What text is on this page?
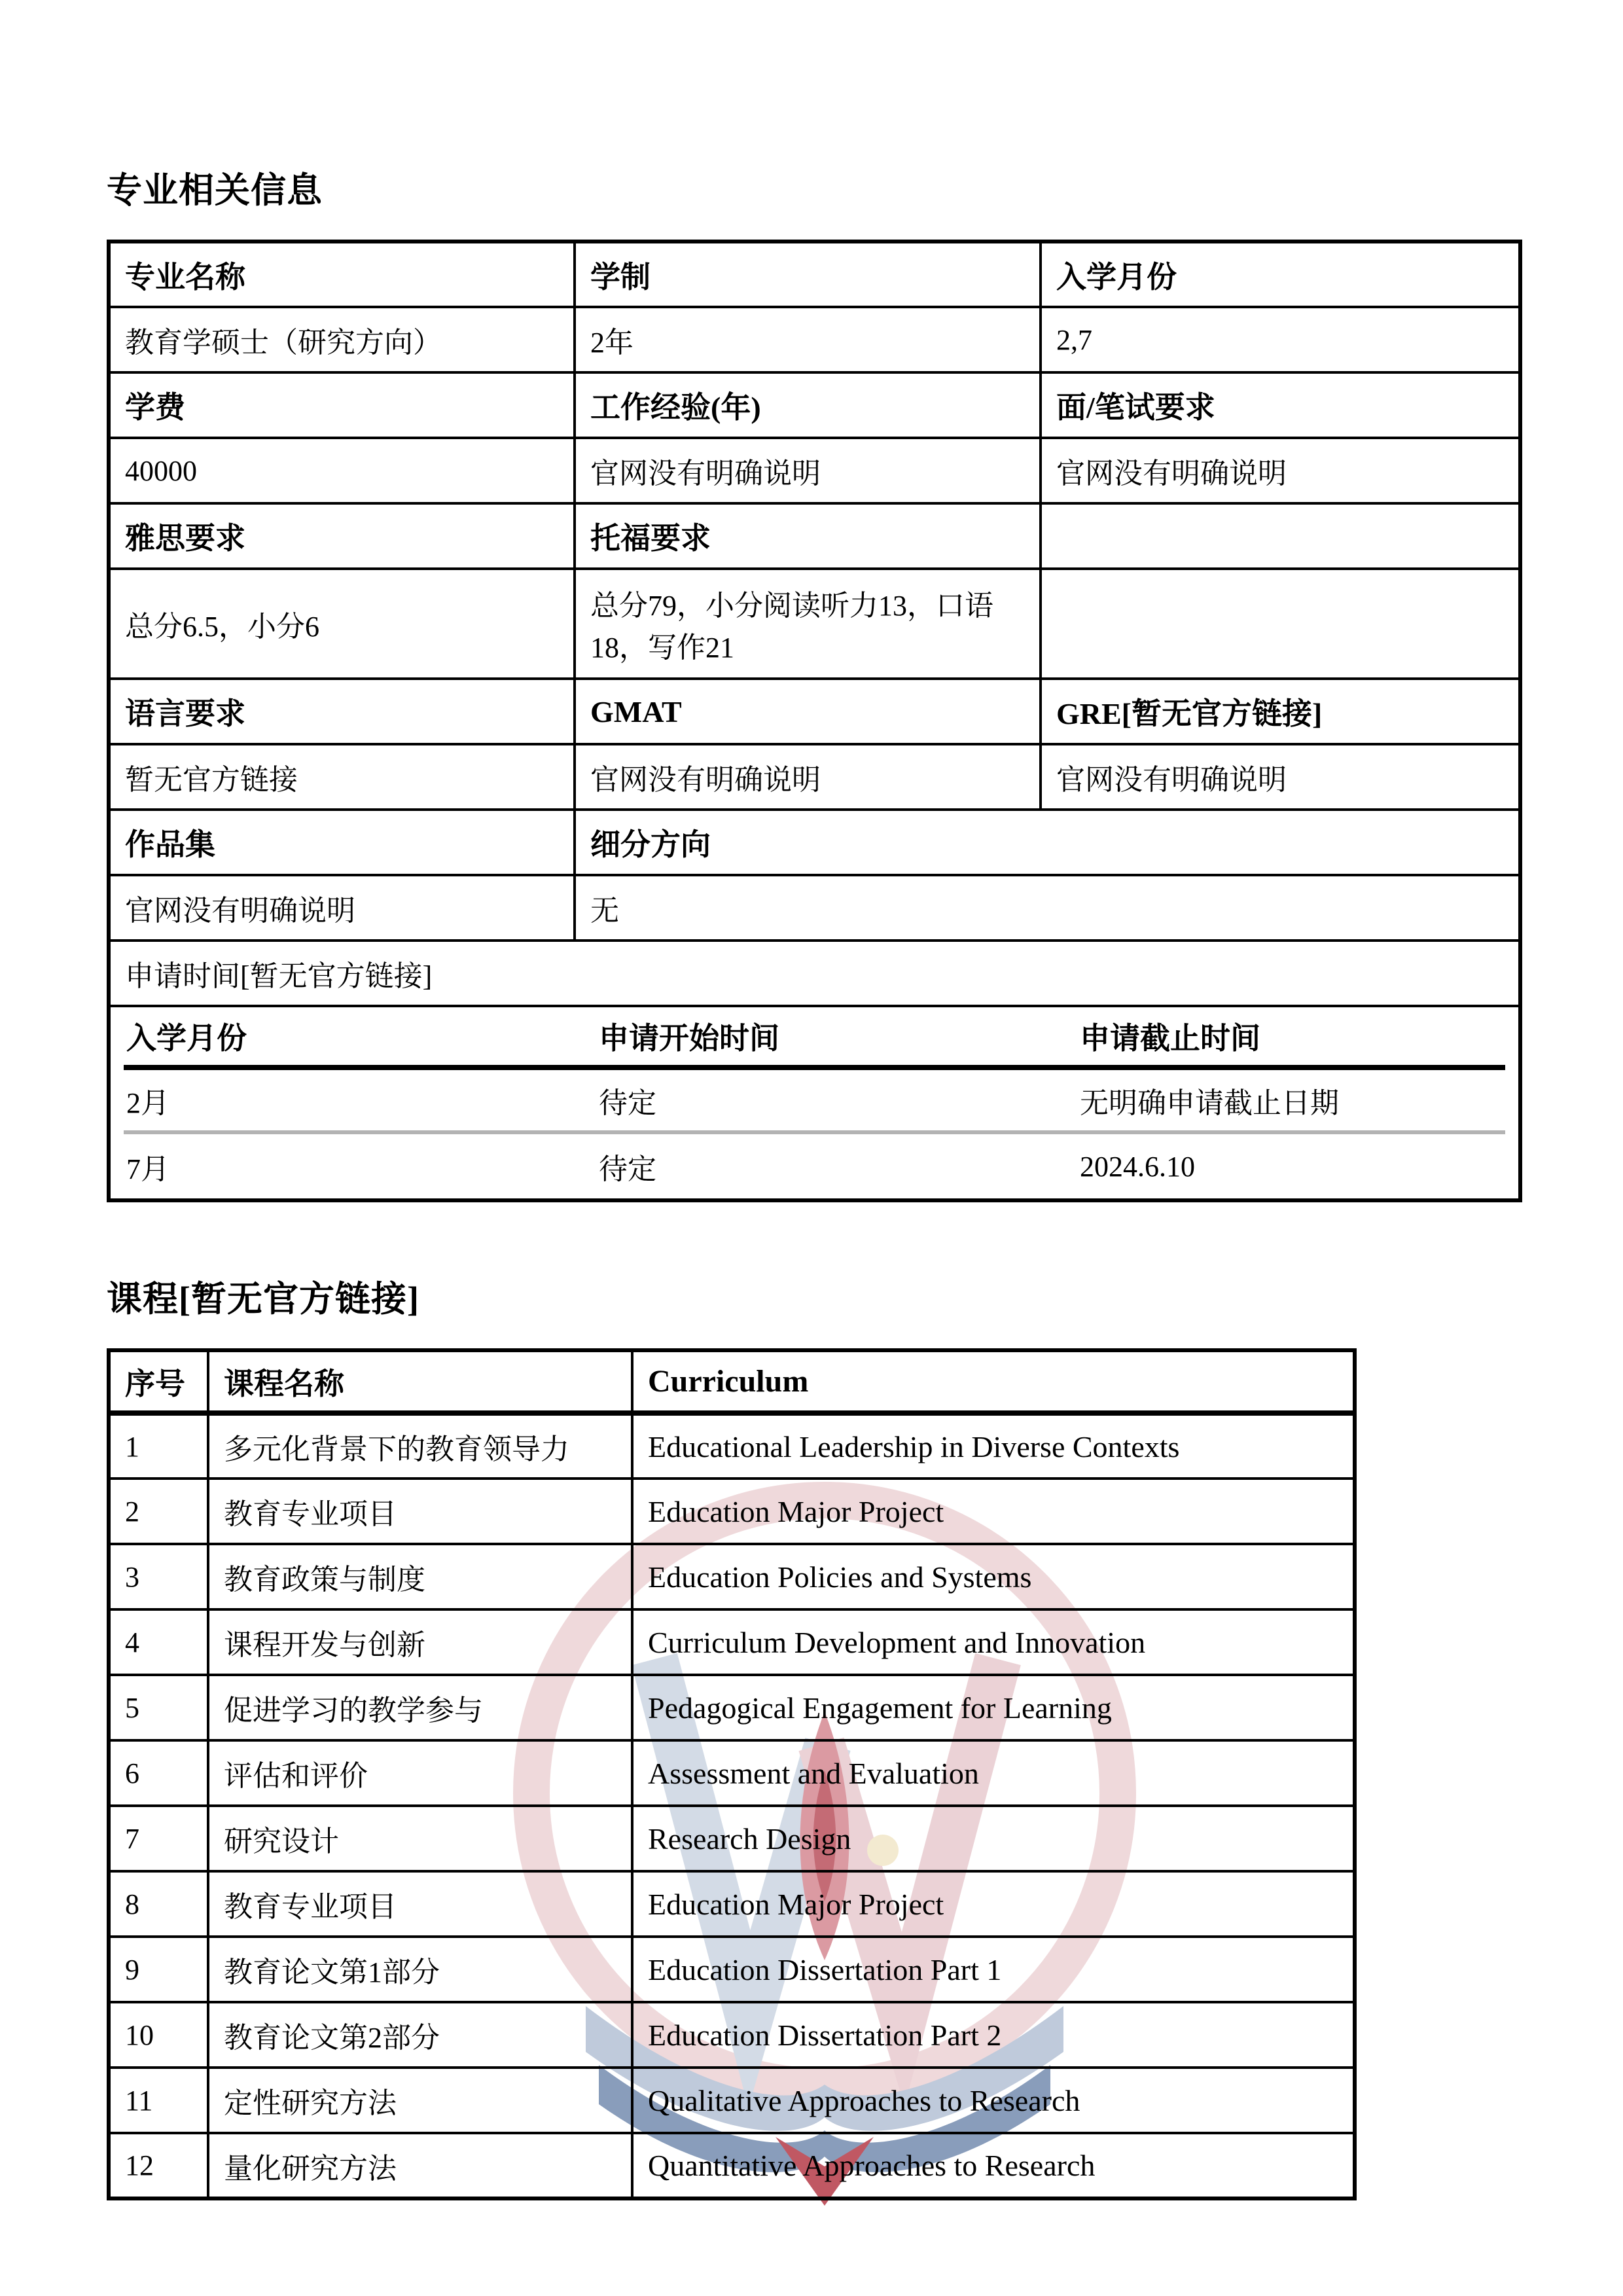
专业相关信息
专业名称	学制	入学月份
教育学硕士（研究方向）	2年	2,7
学费	工作经验(年)	面/笔试要求
40000	官网没有明确说明	官网没有明确说明
雅思要求	托福要求	
总分6.5，小分6	总分79，小分阅读听力13，口语18，写作21	
语言要求	GMAT	GRE[暂无官方链接]
暂无官方链接	官网没有明确说明	官网没有明确说明
作品集	细分方向	
官网没有明确说明	无	
申请时间[暂无官方链接]		

入学月份	申请开始时间	申请截止时间
2月	待定	无明确申请截止日期
7月	待定	2024.6.10
课程[暂无官方链接]
序号	课程名称	Curriculum
1	多元化背景下的教育领导力	Educational Leadership in Diverse Contexts
2	教育专业项目	Education Major Project
3	教育政策与制度	Education Policies and Systems
4	课程开发与创新	Curriculum Development and Innovation
5	促进学习的教学参与	Pedagogical Engagement for Learning
6	评估和评价	Assessment and Evaluation
7	研究设计	Research Design
8	教育专业项目	Education Major Project
9	教育论文第1部分	Education Dissertation Part 1
10	教育论文第2部分	Education Dissertation Part 2
11	定性研究方法	Qualitative Approaches to Research
12	量化研究方法	Quantitative Approaches to Research
